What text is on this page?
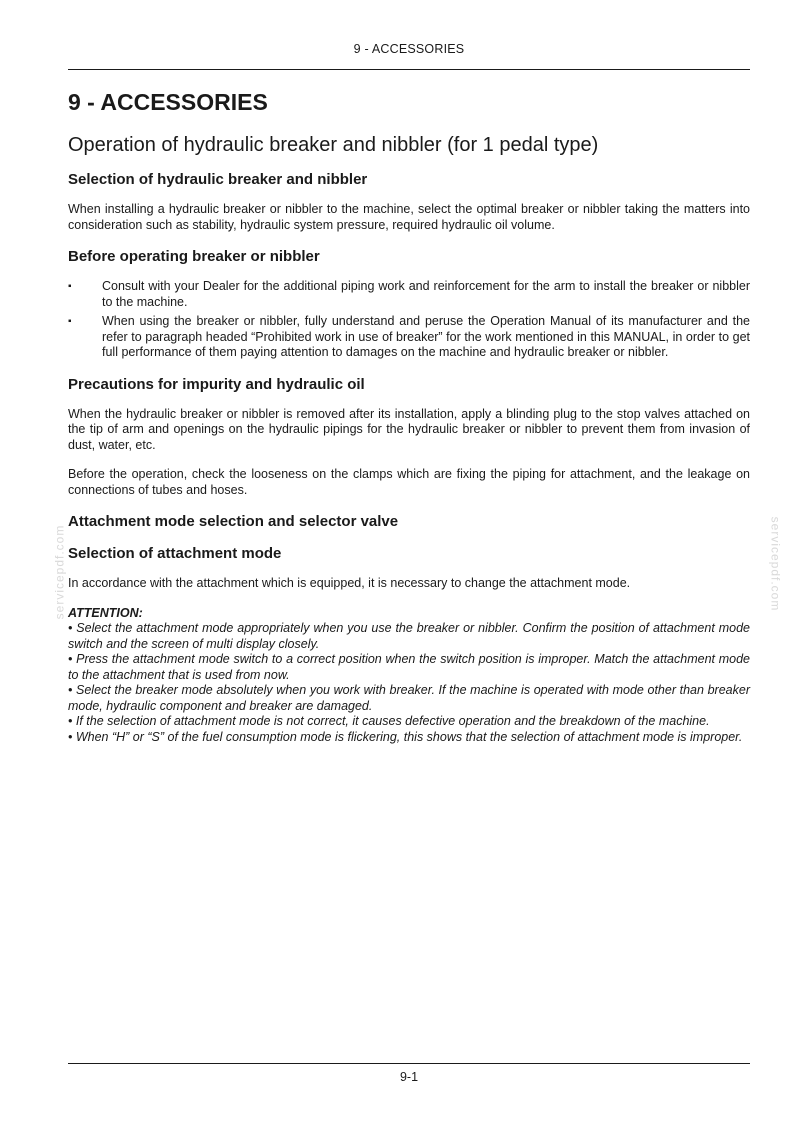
9 - ACCESSORIES
servicepdf.com	servicepdf.com
9 - ACCESSORIES
Operation of hydraulic breaker and nibbler (for 1 pedal type)
Selection of hydraulic breaker and nibbler

When installing a hydraulic breaker or nibbler to the machine, select the optimal breaker or nibbler taking the matters into consideration such as stability, hydraulic system pressure, required hydraulic oil volume.

Before operating breaker or nibbler
▪ Consult with your Dealer for the additional piping work and reinforcement for the arm to install the breaker or nibbler to the machine.
▪ When using the breaker or nibbler, fully understand and peruse the Operation Manual of its manufacturer and the refer to paragraph headed “Prohibited work in use of breaker” for the work mentioned in this MANUAL, in order to get full performance of them paying attention to damages on the machine and hydraulic breaker or nibbler.
Precautions for impurity and hydraulic oil

When the hydraulic breaker or nibbler is removed after its installation, apply a blinding plug to the stop valves attached on the tip of arm and openings on the hydraulic pipings for the hydraulic breaker or nibbler to prevent them from invasion of dust, water, etc.

Before the operation, check the looseness on the clamps which are fixing the piping for attachment, and the leakage on connections of tubes and hoses.

Attachment mode selection and selector valve
Selection of attachment mode

In accordance with the attachment which is equipped, it is necessary to change the attachment mode.

ATTENTION:
• Select the attachment mode appropriately when you use the breaker or nibbler. Confirm the position of attachment mode switch and the screen of multi display closely.
• Press the attachment mode switch to a correct position when the switch position is improper. Match the attachment mode to the attachment that is used from now.
• Select the breaker mode absolutely when you work with breaker. If the machine is operated with mode other than breaker mode, hydraulic component and breaker are damaged.
• If the selection of attachment mode is not correct, it causes defective operation and the breakdown of the machine.
• When “H” or “S” of the fuel consumption mode is flickering, this shows that the selection of attachment mode is improper.
9-1
